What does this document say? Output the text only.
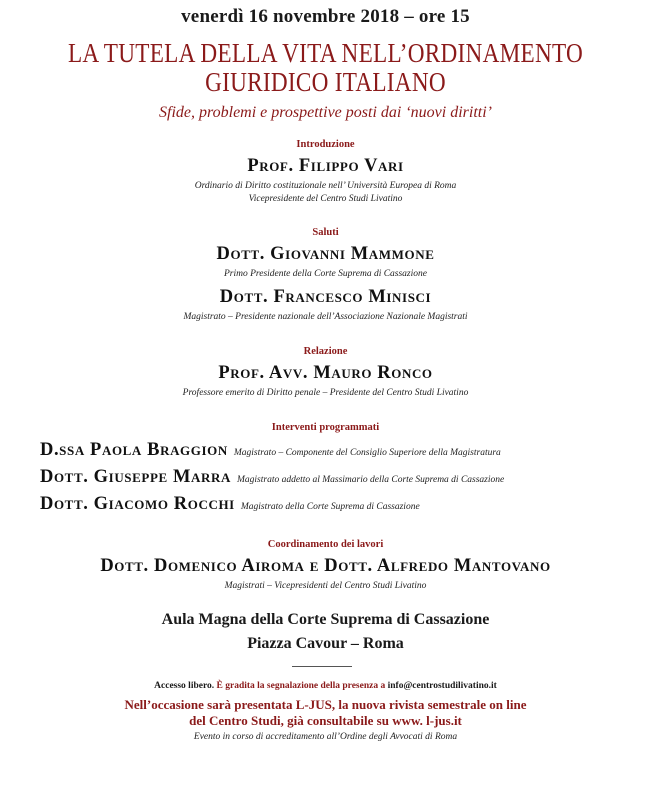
venerdì 16 novembre 2018 – ore 15
LA TUTELA DELLA VITA NELL’ORDINAMENTO
GIURIDICO ITALIANO
Sfide, problemi e prospettive posti dai ‘nuovi diritti’
Introduzione
Prof. Filippo Vari
Ordinario di Diritto costituzionale nell’ Università Europea di Roma
Vicepresidente del Centro Studi Livatino
Saluti
Dott. Giovanni Mammone
Primo Presidente della Corte Suprema di Cassazione
Dott. Francesco Minisci
Magistrato – Presidente nazionale dell’Associazione Nazionale Magistrati
Relazione
Prof. Avv. Mauro Ronco
Professore emerito di Diritto penale – Presidente del Centro Studi Livatino
Interventi programmati
D.ssa Paola Braggion Magistrato – Componente del Consiglio Superiore della Magistratura
Dott. Giuseppe Marra Magistrato addetto al Massimario della Corte Suprema di Cassazione
Dott. Giacomo Rocchi Magistrato della Corte Suprema di Cassazione
Coordinamento dei lavori
Dott. Domenico Airoma e Dott. Alfredo Mantovano
Magistrati – Vicepresidenti del Centro Studi Livatino
Aula Magna della Corte Suprema di Cassazione
Piazza Cavour – Roma
Accesso libero. È gradita la segnalazione della presenza a info@centrostudilivatino.it
Nell’occasione sarà presentata L-JUS, la nuova rivista semestrale on line
del Centro Studi, già consultabile su www. l-jus.it
Evento in corso di accreditamento all’Ordine degli Avvocati di Roma
